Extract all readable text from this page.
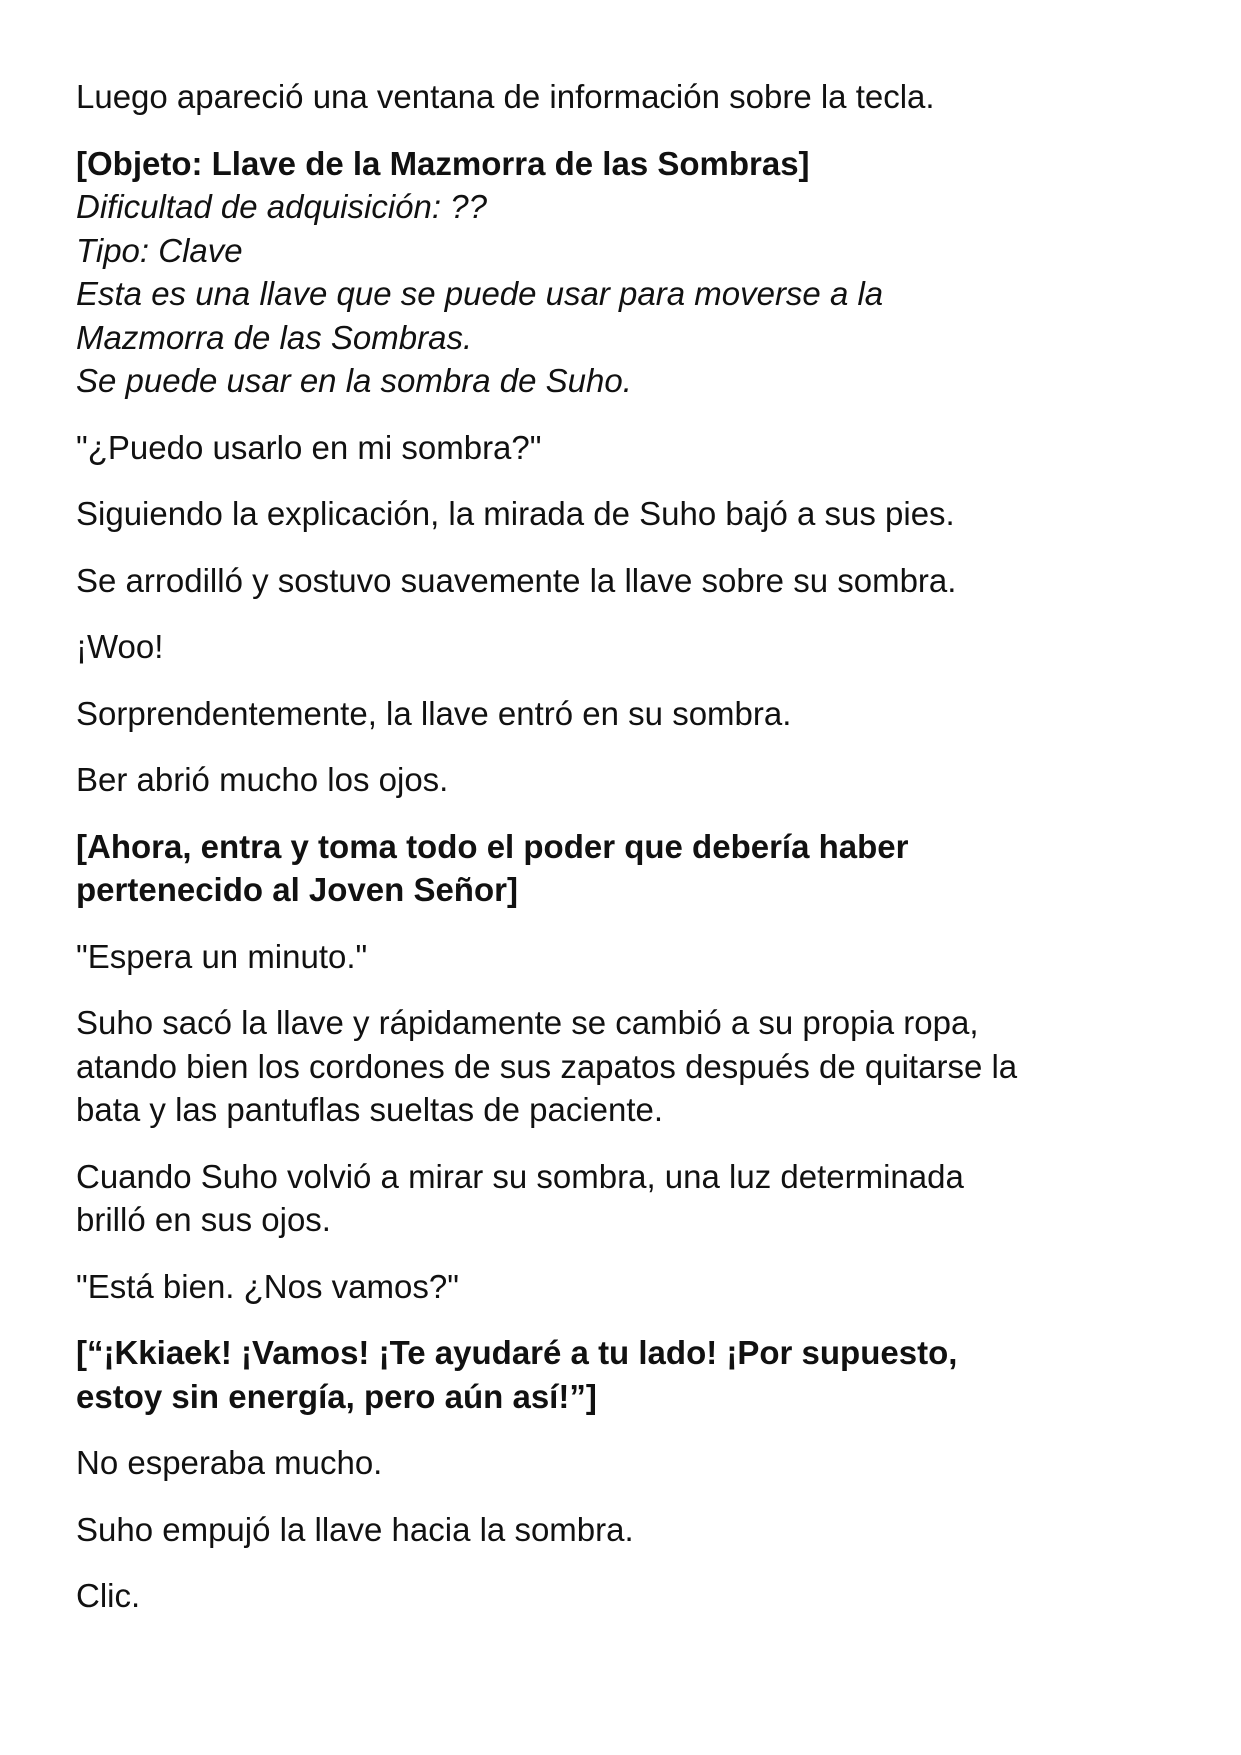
Luego apareció una ventana de información sobre la tecla.

[Objeto: Llave de la Mazmorra de las Sombras]
Dificultad de adquisición: ??
Tipo: Clave
Esta es una llave que se puede usar para moverse a la
Mazmorra de las Sombras.
Se puede usar en la sombra de Suho.

"¿Puedo usarlo en mi sombra?"

Siguiendo la explicación, la mirada de Suho bajó a sus pies.

Se arrodilló y sostuvo suavemente la llave sobre su sombra.

¡Woo!

Sorprendentemente, la llave entró en su sombra.

Ber abrió mucho los ojos.

[Ahora, entra y toma todo el poder que debería haber
pertenecido al Joven Señor]

"Espera un minuto."

Suho sacó la llave y rápidamente se cambió a su propia ropa,
atando bien los cordones de sus zapatos después de quitarse la
bata y las pantuflas sueltas de paciente.

Cuando Suho volvió a mirar su sombra, una luz determinada
brilló en sus ojos.

"Está bien. ¿Nos vamos?"

[“¡Kkiaek! ¡Vamos! ¡Te ayudaré a tu lado! ¡Por supuesto,
estoy sin energía, pero aún así!”]

No esperaba mucho.

Suho empujó la llave hacia la sombra.

Clic.
